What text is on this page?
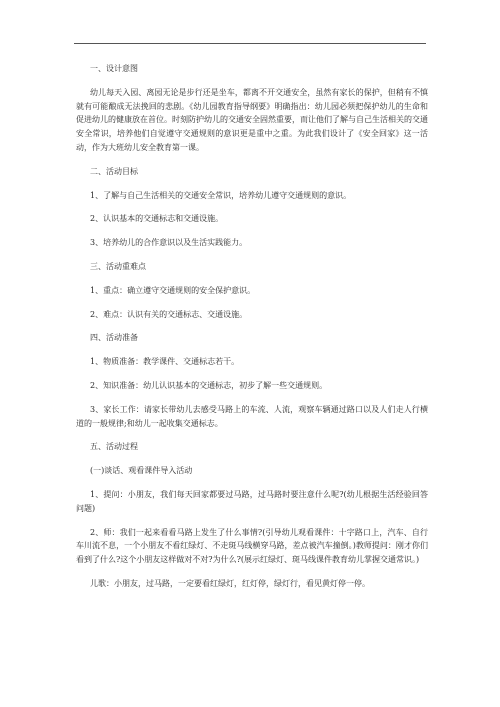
一、设计意图

幼儿每天入园、离园无论是步行还是坐车，都离不开交通安全，虽然有家长的保护，但稍有不慎就有可能酿成无法挽回的悲剧。《幼儿园教育指导纲要》明确指出：幼儿园必须把保护幼儿的生命和促进幼儿的健康放在首位。时刻防护幼儿的交通安全固然重要，而让他们了解与自己生活相关的交通安全常识，培养他们自觉遵守交通规则的意识更是重中之重。为此我们设计了《安全回家》这一活动，作为大班幼儿安全教育第一课。

二、活动目标

1、了解与自己生活相关的交通安全常识，培养幼儿遵守交通规则的意识。

2、认识基本的交通标志和交通设施。

3、培养幼儿的合作意识以及生活实践能力。

三、活动重难点

1、重点：确立遵守交通规则的安全保护意识。

2、难点：认识有关的交通标志、交通设施。

四、活动准备

1、物质准备：教学课件、交通标志若干。

2、知识准备：幼儿认识基本的交通标志，初步了解一些交通规则。

3、家长工作：请家长带幼儿去感受马路上的车流、人流，观察车辆通过路口以及人们走人行横道的一般规律;和幼儿一起收集交通标志。

五、活动过程

(一)谈话、观看课件导入活动

1、提问：小朋友，我们每天回家都要过马路，过马路时要注意什么呢?(幼儿根据生活经验回答问题)

2、师：我们一起来看看马路上发生了什么事情?(引导幼儿观看课件：十字路口上，汽车、自行车川流不息，一个小朋友不看红绿灯、不走斑马线横穿马路，差点被汽车撞倒。)教师提问：刚才你们看到了什么?这个小朋友这样做对不对?为什么?(展示红绿灯、斑马线课件教育幼儿掌握交通常识。)

儿歌：小朋友，过马路，一定要看红绿灯，红灯停，绿灯行，看见黄灯停一停。
